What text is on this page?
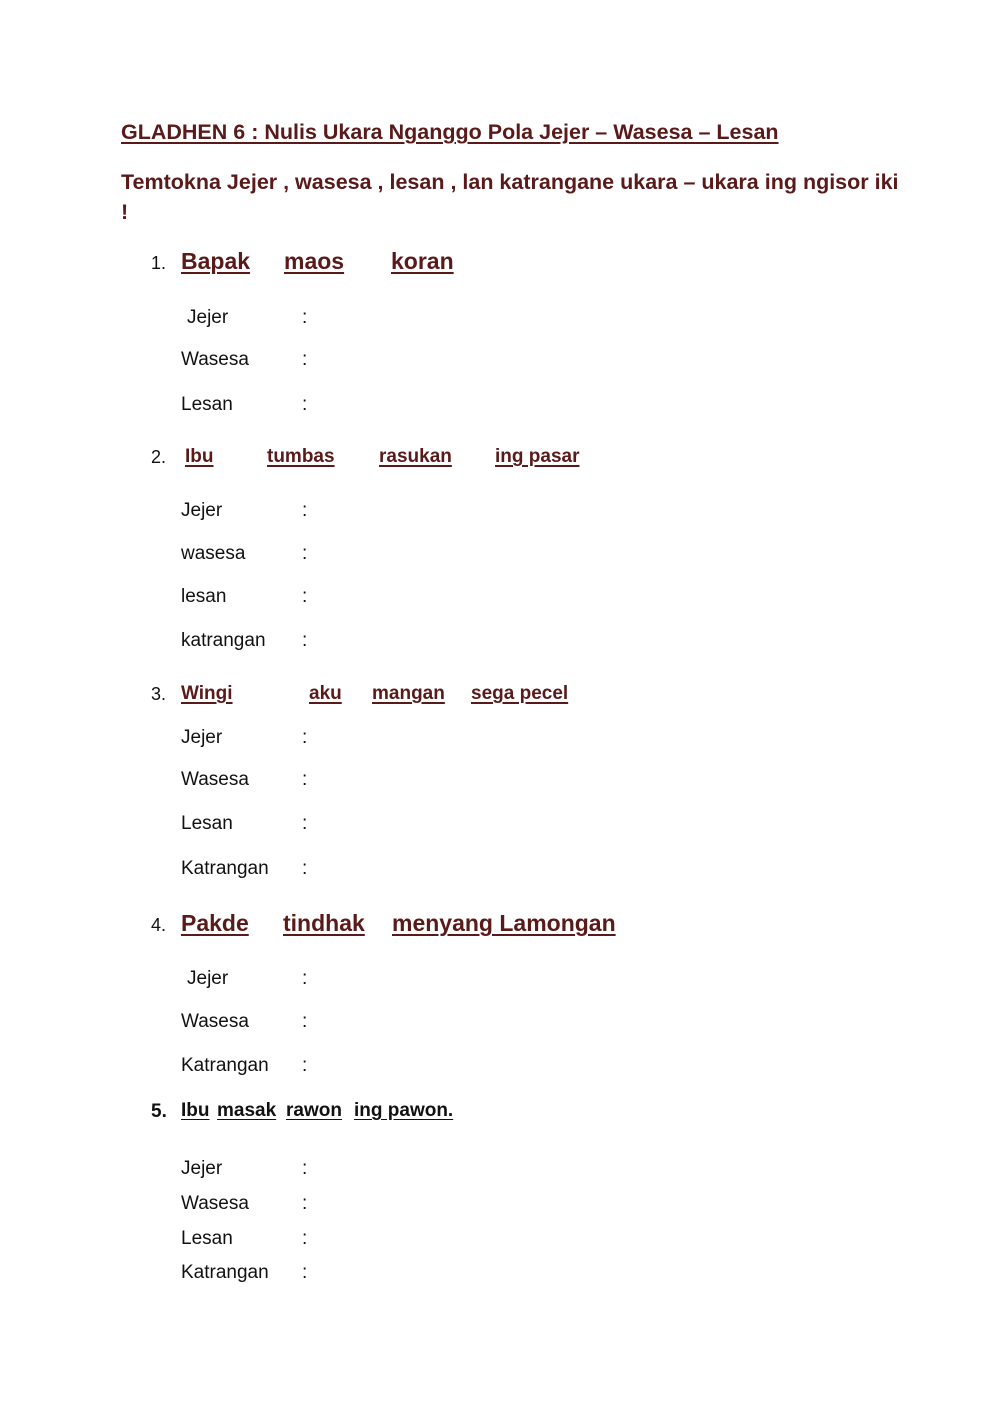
GLADHEN 6 : Nulis Ukara Nganggo Pola Jejer – Wasesa – Lesan
Temtokna Jejer , wasesa , lesan , lan katrangane ukara – ukara ing ngisor iki !
1. Bapak maos koran
Jejer	:
Wasesa	:
Lesan	:
2. Ibu	tumbas rasukan ing pasar
Jejer	:
wasesa	:
lesan	:
katrangan :
3. Wingi	aku mangan sega pecel
Jejer	:
Wasesa	:
Lesan	:
Katrangan :
4. Pakde tindhak menyang Lamongan
Jejer	:
Wasesa	:
Katrangan :
5. Ibu masak rawon ing pawon.
Jejer	:
Wasesa	:
Lesan	:
Katrangan :
